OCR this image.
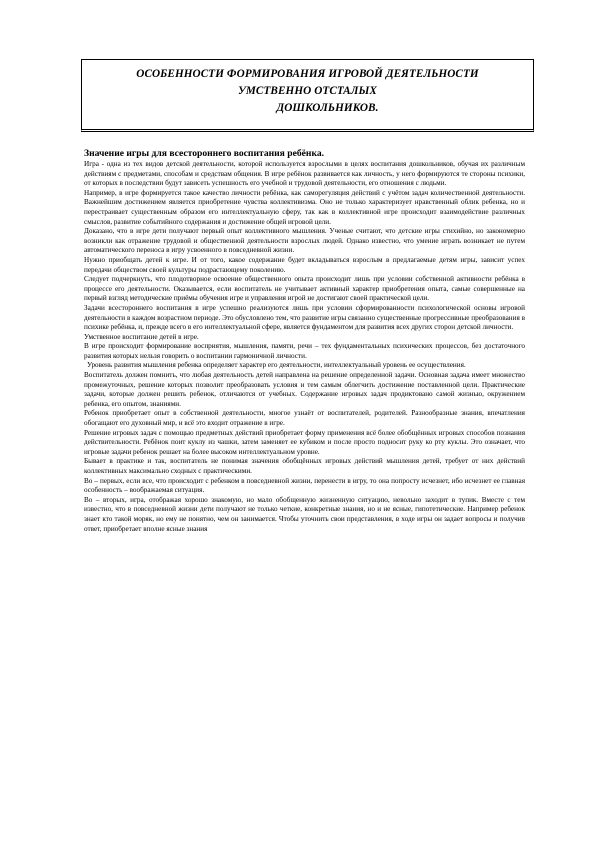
ОСОБЕННОСТИ ФОРМИРОВАНИЯ ИГРОВОЙ ДЕЯТЕЛЬНОСТИ
УМСТВЕННО ОТСТАЛЫХ
ДОШКОЛЬНИКОВ.
Значение игры для всестороннего воспитания ребёнка.

Игра - одна из тех видов детской деятельности, которой используется взрослыми в целях воспитания дошкольников, обучая их различным действиям с предметами, способам и средствам общения. В игре ребёнок развивается как личность, у него формируются те стороны психики, от которых в последствии будут зависеть успешность его учебной и трудовой деятельности, его отношения с людьми.

Например, в игре формируется такое качество личности ребёнка, как саморегуляция действий с учётом задач количественной деятельности. Важнейшим достижением является приобретение чувства коллективизма. Оно не только характеризует нравственный облик ребенка, но и перестраивает существенным образом его интеллектуальную сферу, так как в коллективной игре происходит взаимодействие различных смыслов, развитие событийного содержания и достижение общей игровой цели.

Доказано, что в игре дети получают первый опыт коллективного мышления. Ученые считают, что детские игры стихийно, но закономерно возникли как отражение трудовой и общественной деятельности взрослых людей. Однако известно, что умение играть возникает не путем автоматического переноса в игру усвоенного в повседневной жизни.

Нужно приобщать детей к игре. И от того, какое содержание будет вкладываться взрослым в предлагаемые детям игры, зависит успех передачи обществом своей культуры подрастающему поколению.

Следует подчеркнуть, что плодотворное освоение общественного опыта происходит лишь при условии собственной активности ребёнка в процессе его деятельности. Оказывается, если воспитатель не учитывает активный характер приобретения опыта, самые совершенные на первый взгляд методические приёмы обучения игре и управления игрой не достигают своей практической цели.

Задачи всестороннего воспитания в игре успешно реализуются лишь при условии сформированности психологической основы игровой деятельности в каждом возрастном периоде. Это обусловлено тем, что развитие игры связанно существенные прогрессивные преобразования в психике ребёнка, и, прежде всего в его интеллектуальной сфере, является фундаментом для развития всех других сторон детской личности.

Умственное воспитание детей в игре.

В игре происходит формирование восприятия, мышления, памяти, речи – тех фундаментальных психических процессов, без достаточного развития которых нельзя говорить о воспитании гармоничной личности.

Уровень развития мышления ребенка определяет характер его деятельности, интеллектуальный уровень ее осуществления.

Воспитатель должен помнить, что любая деятельность детей направлена на решение определенной задачи. Основная задача имеет множество промежуточных, решение которых позволит преобразовать условия и тем самым облегчить достижение поставленной цели. Практические задачи, которые должен решить ребенок, отличаются от учебных. Содержание игровых задач продиктовано самой жизнью, окружением ребенка, его опытом, знаниями.

Ребенок приобретает опыт в собственной деятельности, многое узнаёт от воспитателей, родителей. Разнообразные знания, впечатления обогащают его духовный мир, и всё это входит отражение в игре.

Решение игровых задач с помощью предметных действий приобретает форму применения всё более обобщённых игровых способов познания действительности. Ребёнок поит куклу из чашки, затем заменяет ее кубиком и после просто подносит руку ко рту куклы. Это означает, что игровые задачи ребенок решает на более высоком интеллектуальном уровне.

Бывает в практике и так, воспитатель не понимая значения обобщённых игровых действий мышления детей, требует от них действий коллективных максимально сходных с практическими.

Во – первых, если все, что происходит с ребенком в повседневной жизни, перенести в игру, то она попросту исчезнет, ибо исчезнет ее главная особенность – воображаемая ситуация.

Во – вторых, игра, отображая хорошо знакомую, но мало обобщенную жизненную ситуацию, невольно заходит в тупик. Вместе с тем известно, что в повседневной жизни дети получают не только четкие, конкретные знания, но и не ясные, гипотетические. Например ребенок знает кто такой моряк, но ему не понятно, чем он занимается. Чтобы уточнить свои представления, в ходе игры он задает вопросы и получив ответ, приобретает вполне ясные знания
